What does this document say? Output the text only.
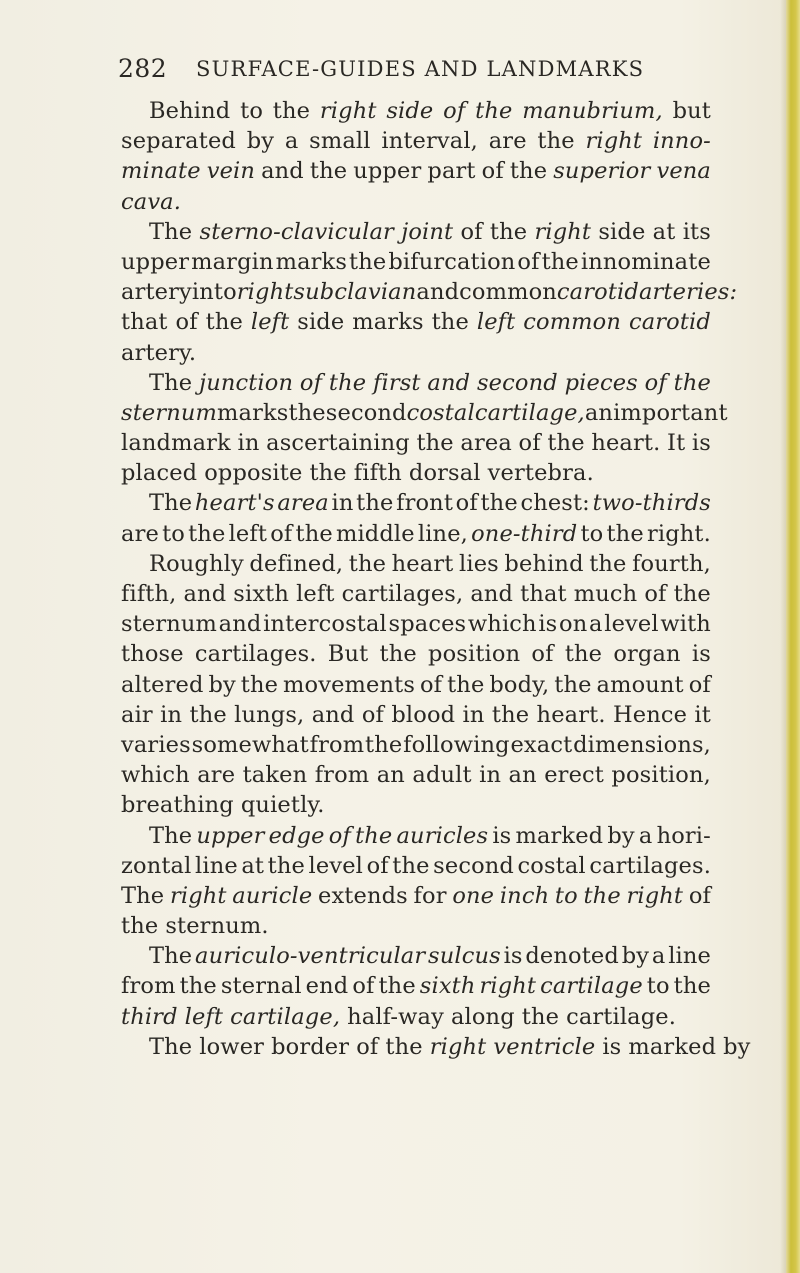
282 SURFACE-GUIDES AND LANDMARKS
Behind to the right side of the manubrium, but
separated by a small interval, are the right inno-
minate vein and the upper part of the superior vena
cava.
The sterno-clavicular joint of the right side at its
upper margin marks the bifurcation of the innominate
artery into right subclavian and common carotid arteries:
that of the left side marks the left common carotid
artery.
The junction of the first and second pieces of the
sternum marks the second costal cartilage, an important
landmark in ascertaining the area of the heart. It is
placed opposite the fifth dorsal vertebra.
The heart's area in the front of the chest: two-thirds
are to the left of the middle line, one-third to the right.
Roughly defined, the heart lies behind the fourth,
fifth, and sixth left cartilages, and that much of the
sternum and intercostal spaces which is on a level with
those cartilages. But the position of the organ is
altered by the movements of the body, the amount of
air in the lungs, and of blood in the heart. Hence it
varies somewhat from the following exact dimensions,
which are taken from an adult in an erect position,
breathing quietly.
The upper edge of the auricles is marked by a hori-
zontal line at the level of the second costal cartilages.
The right auricle extends for one inch to the right of
the sternum.
The auriculo-ventricular sulcus is denoted by a line
from the sternal end of the sixth right cartilage to the
third left cartilage, half-way along the cartilage.
The lower border of the right ventricle is marked by
